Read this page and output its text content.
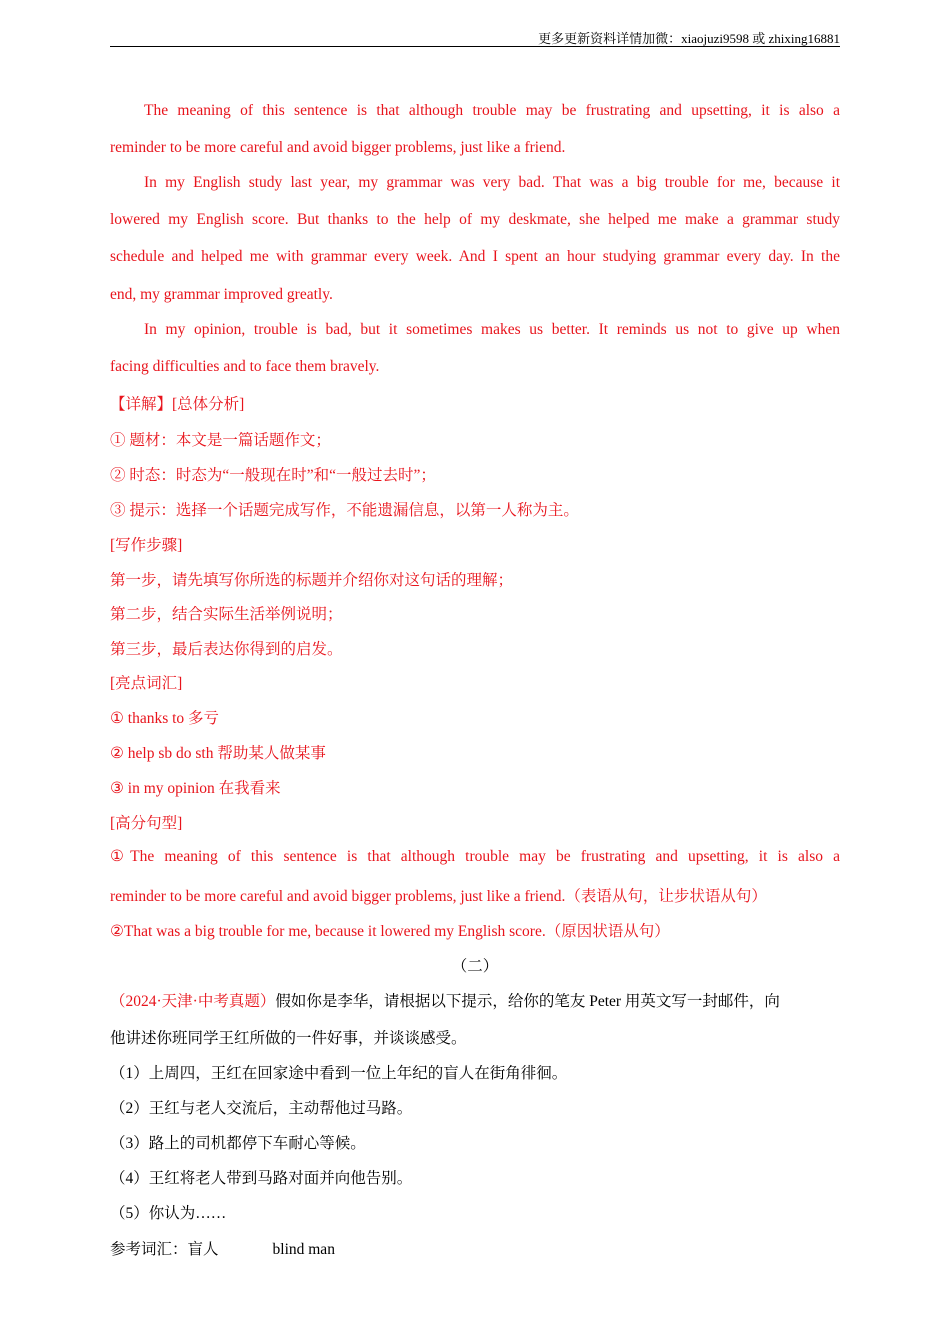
更多更新资料详情加微：xiaojuzi9598 或 zhixing16881
The meaning of this sentence is that although trouble may be frustrating and upsetting, it is also a
reminder to be more careful and avoid bigger problems, just like a friend.
In my English study last year, my grammar was very bad. That was a big trouble for me, because it
lowered my English score. But thanks to the help of my deskmate, she helped me make a grammar study
schedule and helped me with grammar every week. And I spent an hour studying grammar every day. In the
end, my grammar improved greatly.
In my opinion, trouble is bad, but it sometimes makes us better. It reminds us not to give up when
facing difficulties and to face them bravely.
【详解】[总体分析]
① 题材：本文是一篇话题作文；
② 时态：时态为“一般现在时”和“一般过去时”；
③ 提示：选择一个话题完成写作，不能遗漏信息，以第一人称为主。
[写作步骤]
第一步，请先填写你所选的标题并介绍你对这句话的理解；
第二步，结合实际生活举例说明；
第三步，最后表达你得到的启发。
[亮点词汇]
① thanks to 多亏
② help sb do sth 帮助某人做某事
③ in my opinion 在我看来
[高分句型]
①The meaning of this sentence is that although trouble may be frustrating and upsetting, it is also a
reminder to be more careful and avoid bigger problems, just like a friend.（表语从句，让步状语从句）
②That was a big trouble for me, because it lowered my English score.（原因状语从句）
（二）
（2024·天津·中考真题）假如你是李华，请根据以下提示，给你的笔友 Peter 用英文写一封邮件，向
他讲述你班同学王红所做的一件好事，并谈谈感受。
（1）上周四，王红在回家途中看到一位上年纪的盲人在街角徘徊。
（2）王红与老人交流后，主动帮他过马路。
（3）路上的司机都停下车耐心等候。
（4）王红将老人带到马路对面并向他告别。
（5）你认为……
参考词汇：盲人	blind man
